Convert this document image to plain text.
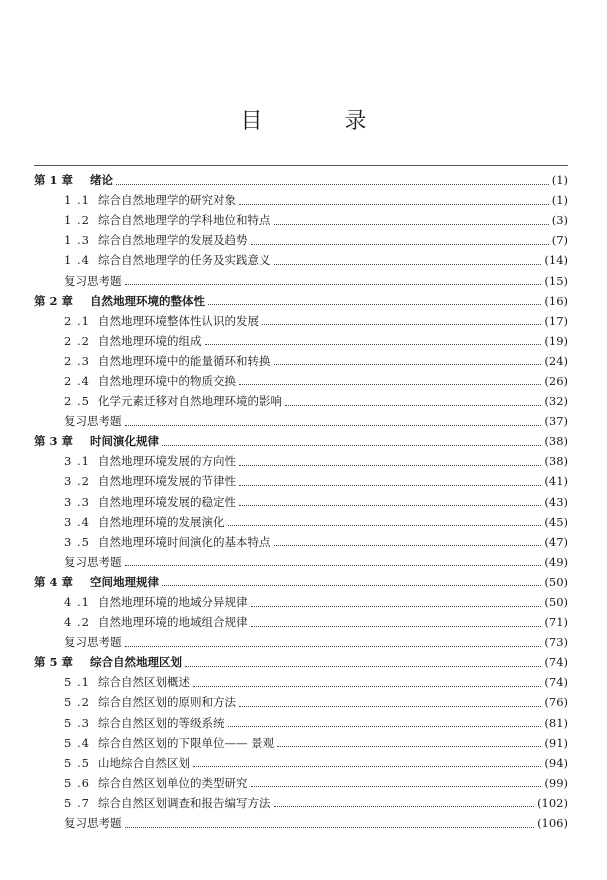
目　录
第 1 章	绪论	(1)
1 .1 综合自然地理学的研究对象	(1)
1 .2 综合自然地理学的学科地位和特点	(3)
1 .3 综合自然地理学的发展及趋势	(7)
1 .4 综合自然地理学的任务及实践意义	(14)
复习思考题	(15)
第 2 章	自然地理环境的整体性	(16)
2 .1 自然地理环境整体性认识的发展	(17)
2 .2 自然地理环境的组成	(19)
2 .3 自然地理环境中的能量循环和转换	(24)
2 .4 自然地理环境中的物质交换	(26)
2 .5 化学元素迁移对自然地理环境的影响	(32)
复习思考题	(37)
第 3 章	时间演化规律	(38)
3 .1 自然地理环境发展的方向性	(38)
3 .2 自然地理环境发展的节律性	(41)
3 .3 自然地理环境发展的稳定性	(43)
3 .4 自然地理环境的发展演化	(45)
3 .5 自然地理环境时间演化的基本特点	(47)
复习思考题	(49)
第 4 章	空间地理规律	(50)
4 .1 自然地理环境的地域分异规律	(50)
4 .2 自然地理环境的地域组合规律	(71)
复习思考题	(73)
第 5 章	综合自然地理区划	(74)
5 .1 综合自然区划概述	(74)
5 .2 综合自然区划的原则和方法	(76)
5 .3 综合自然区划的等级系统	(81)
5 .4 综合自然区划的下限单位—— 景观	(91)
5 .5 山地综合自然区划	(94)
5 .6 综合自然区划单位的类型研究	(99)
5 .7 综合自然区划调查和报告编写方法	(102)
复习思考题	(106)
